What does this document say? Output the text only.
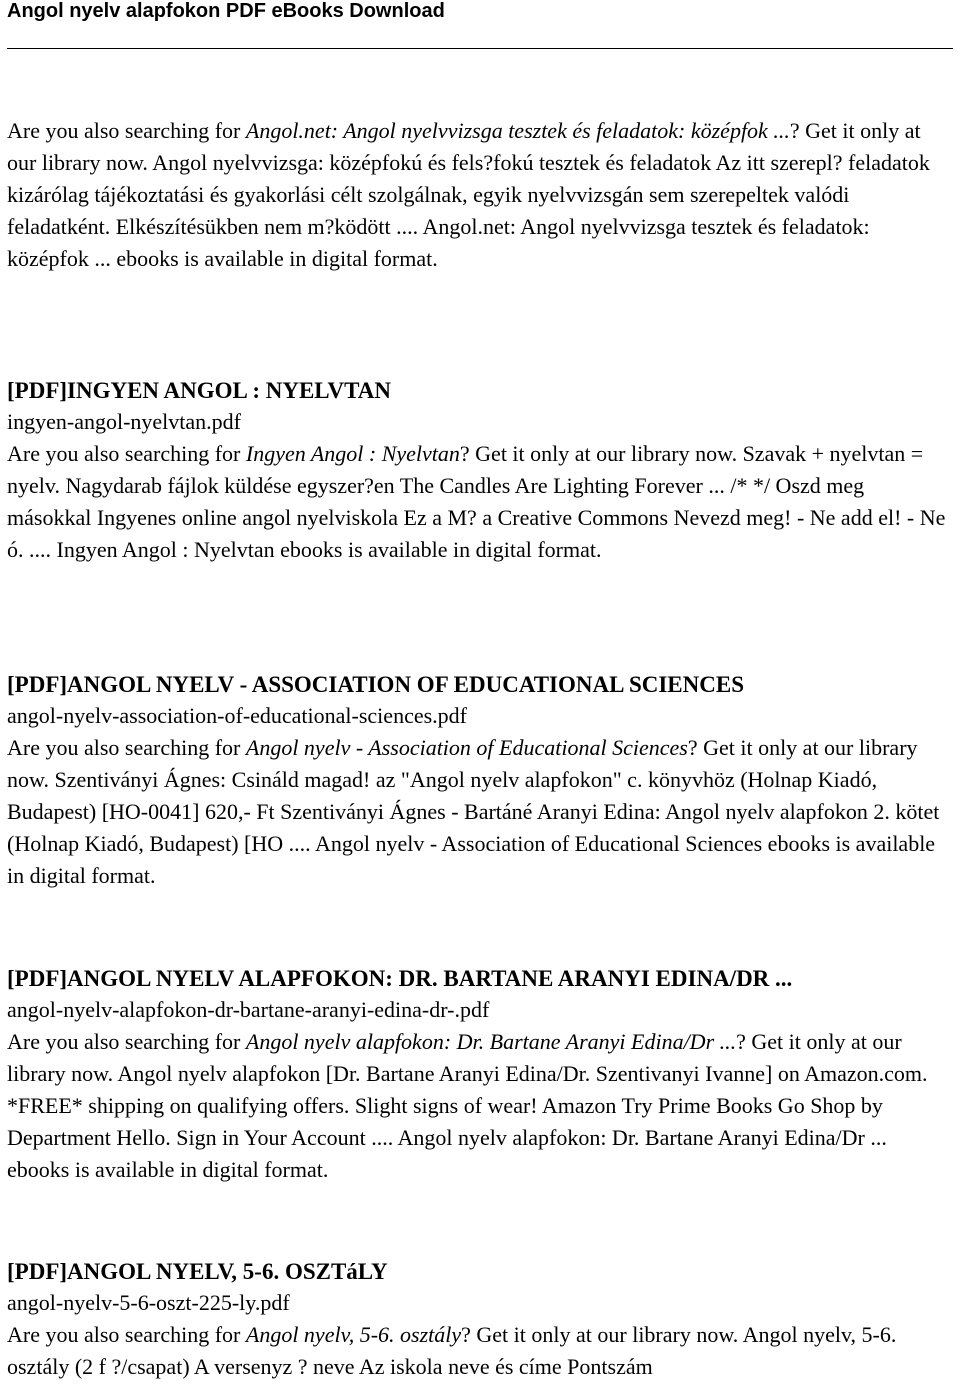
Angol nyelv alapfokon PDF eBooks Download

Are you also searching for Angol.net: Angol nyelvvizsga tesztek és feladatok: középfok ...? Get it only at our library now. Angol nyelvvizsga: középfokú és fels?fokú tesztek és feladatok Az itt szerepl? feladatok kizárólag tájékoztatási és gyakorlási célt szolgálnak, egyik nyelvvizsgán sem szerepeltek valódi feladatként. Elkészítésükben nem m?ködött .... Angol.net: Angol nyelvvizsga tesztek és feladatok: középfok ... ebooks is available in digital format.

[PDF]INGYEN ANGOL : NYELVTAN
ingyen-angol-nyelvtan.pdf

Are you also searching for Ingyen Angol : Nyelvtan? Get it only at our library now. Szavak + nyelvtan = nyelv. Nagydarab fájlok küldése egyszer?en The Candles Are Lighting Forever ... /* */ Oszd meg másokkal Ingyenes online angol nyelviskola Ez a M? a Creative Commons Nevezd meg! - Ne add el! - Ne ó. .... Ingyen Angol : Nyelvtan ebooks is available in digital format.

[PDF]ANGOL NYELV - ASSOCIATION OF EDUCATIONAL SCIENCES
angol-nyelv-association-of-educational-sciences.pdf

Are you also searching for Angol nyelv - Association of Educational Sciences? Get it only at our library now. Szentiványi Ágnes: Csináld magad! az "Angol nyelv alapfokon" c. könyvhöz (Holnap Kiadó, Budapest) [HO-0041] 620,- Ft Szentiványi Ágnes - Bartáné Aranyi Edina: Angol nyelv alapfokon 2. kötet (Holnap Kiadó, Budapest) [HO .... Angol nyelv - Association of Educational Sciences ebooks is available in digital format.

[PDF]ANGOL NYELV ALAPFOKON: DR. BARTANE ARANYI EDINA/DR ...
angol-nyelv-alapfokon-dr-bartane-aranyi-edina-dr-.pdf

Are you also searching for Angol nyelv alapfokon: Dr. Bartane Aranyi Edina/Dr ...? Get it only at our library now. Angol nyelv alapfokon [Dr. Bartane Aranyi Edina/Dr. Szentivanyi Ivanne] on Amazon.com. *FREE* shipping on qualifying offers. Slight signs of wear! Amazon Try Prime Books Go Shop by Department Hello. Sign in Your Account .... Angol nyelv alapfokon: Dr. Bartane Aranyi Edina/Dr ... ebooks is available in digital format.

[PDF]ANGOL NYELV, 5-6. OSZTáLY
angol-nyelv-5-6-oszt-225-ly.pdf

Are you also searching for Angol nyelv, 5-6. osztály? Get it only at our library now. Angol nyelv, 5-6. osztály (2 f ?/csapat) A versenyz ? neve Az iskola neve és címe Pontszám
